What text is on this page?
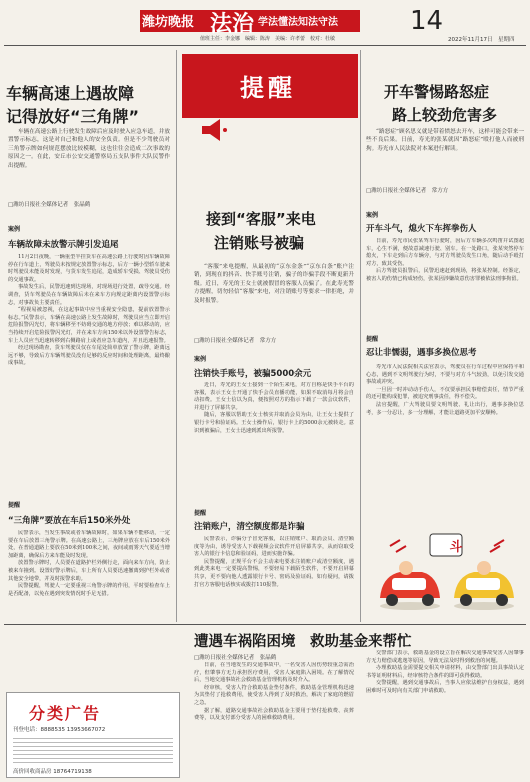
潍坊晚报 法治 学法懂法知法守法	14
2022年11月17日 星期四
值班主任：李金娜　编辑：陈涛　美编：许孝蕾　校对：杜敏
车辆高速上遇故障
记得放好“三角牌”
车辆在高速公路上行驶发生故障后应及时驶入应急车道，并放置警示标志，这是对自己和他人的安全负责。但是不少驾驶员对三角警示牌如何规范摆放比较模糊，这也往往会造成二次事故的原因之一。在此，安丘市公安交通警察局五支队事件大队民警作出提醒。
□潍坊日报社全媒体记者　张晶鹤
案例
车辆故障未放警示牌引发追尾

11月2日夜晚，一辆重型半挂货车在高速公路上行驶时因车辆故障停在行车道上，驾驶员未按规定放置警示标志，后方一辆小型轿车驶来时驾驶员未能及时发现，与货车发生追尾，造成轿车受损、驾驶员受伤的交通事故。

事故发生后，民警迅速到达现场，对现场进行处置，疏导交通。经调查，货车驾驶员在车辆故障后未在来车方向规定距离内设置警示标志，对事故负主要责任。

“程视易被忽视，在这起事故中应当重视安全隐患，提前放置警示标志。”民警表示，车辆在高速公路上发生故障时，驾驶员应当立即开启危险报警闪光灯，将车辆移至不妨碍交通的地方停放；难以移动的，应当持续开启危险报警闪光灯，并在来车方向150米以外设置警告标志，车上人员应当迅速转移到右侧路肩上或者应急车道内，并且迅速报警。

经过现场勘查，货车驾驶员仅在车尾处简单放置了警示牌，距离远远不够，导致后方车辆驾驶员没有足够的反应时间和处理距离，最终酿成事故。

提醒
“三角牌”要放在车后150米外处

民警表示，当发生事故或者车辆故障时，如果车辆不能移动，一定要在车后放置三角警示牌。在高速公路上，三角牌应放在车后150米外处，在普通道路上要放在50米到100米之间，夜间或雨雾天气要适当增加距离，确保后方来车能及时发现。

放置警示牌时，人员要在道路护栏外侧行走，面向来车方向，防止被来车撞到。设置好警示牌后，车上所有人员要迅速撤离到护栏外或者其他安全地带，并及时报警求助。

民警提醒，驾驶人一定要重视三角警示牌的作用，平时要检查车上是否配备，以免在遇到突发情况时手足无措。

提醒
接到“客服”来电
注销账号被骗
“客服”来电提醒，从最初的“京东金条”“京东白条”账户注销，到现在的抖音、快手账号注销，骗子的诈骗手段不断更新升级。近日，寿光的王女士就被假冒的客服人员骗了。在此寿光警方提醒，切勿轻信“客服”来电，对注销账号等要求一律拒绝，并及时报警。
□潍坊日报社全媒体记者　常方方
案例
注销快手账号，被骗5000余元

近日，寿光的王女士接到一个陌生来电，对方自称是快手平台的客服，表示王女士开通了快手会员直播功能，如果不取消每月将会自动扣费。王女士信以为真，便按照对方的指示下载了一款会议软件，并进行了屏幕共享。

随后，客服以帮助王女士核实并取消会员为由，让王女士提供了银行卡号和验证码。王女士操作后，银行卡上的5000余元被转走。意识到被骗后，王女士迅速到派出所报警。

提醒
注销账户，清空额度都是诈骗

民警表示，诈骗分子冒充客服，以注销账户、取消会员、清空额度等为由，诱导受害人下载视频会议软件开启屏幕共享，从而窃取受害人的银行卡信息和验证码，进而实施诈骗。

民警提醒，正规平台不会主动来电要求注销账户或清空额度，遇到此类来电一定要提高警惕，不要轻易下载陌生软件，不要开启屏幕共享，更不要向他人透露银行卡号、密码及验证码。如有疑问，请拨打官方客服电话核实或拨打110报警。

开车警惕路怒症
路上较劲危害多
“路怒症”顾名思义就是带着愤怒去开车，这样可能会带来一些不良后果。日前，寿光的张某就因“路怒症”殴打他人而被刑拘。寿光市人民法院对本案进行解读。
□潍坊日报社全媒体记者　常方方
案例
开车斗气，熄火下车挥拳伤人

日前，寿光市民张某驾车行驶时，因后方车辆多次鸣笛并试图超车，心生不满，便故意减速行驶、别车。在一处路口，张某突然停车熄火，下车走到后方车辆旁，与对方驾驶员发生口角，随后动手殴打对方，致其受伤。

后方驾驶员报警后，民警迅速赶到现场，将张某控制。经鉴定，被害人的伤情已构成轻伤，张某因涉嫌故意伤害罪被依法刑事拘留。

提醒
忍让非懦弱，遇事多换位思考

寿光市人民法院相关法官表示，驾驶员在行车过程中应保持平和心态，遇到不文明驾驶行为时，不要与对方斗气较劲，以免引发交通事故或冲突。

一旦因一时冲动动手伤人，不仅要承担民事赔偿责任，情节严重的还可能构成犯罪，被追究刑事责任，得不偿失。

法官提醒，广大驾驶员要文明驾驶、礼让出行，遇事多换位思考，多一分忍让，多一分理解，才能让道路更加平安顺畅。

斗
遭遇车祸陷困境　救助基金来帮忙
□潍坊日报社全媒体记者　张晶鹤

日前，在当地发生的交通事故中，一名受害人因伤势较重急需治疗，但肇事方无力承担医疗费用，受害人家庭陷入困境。在了解情况后，当地交通事故社会救助基金管理机构及时介入。

经审核，受害人符合救助基金垫付条件，救助基金管理机构迅速为其垫付了抢救费用，使受害人得到了及时救治，解决了家庭的燃眉之急。

据了解，道路交通事故社会救助基金主要用于垫付抢救费、丧葬费等，以及支付部分受害人的困难救助费用。

交警部门表示，救助基金的设立旨在解决交通事故受害人因肇事方无力赔偿或逃逸等原因，导致无法及时得到救治的问题。

办理救助基金需要提交相关申请材料，由交警部门出具事故认定书等证明材料后，经审核符合条件的即可获得救助。

交警提醒，遇到交通事故后，当事人应依法维护自身权益，遇到困难时可及时向有关部门申请救助。

分类广告
刊登电话：8888535 13953667072
高价回收商品房 18764719138
